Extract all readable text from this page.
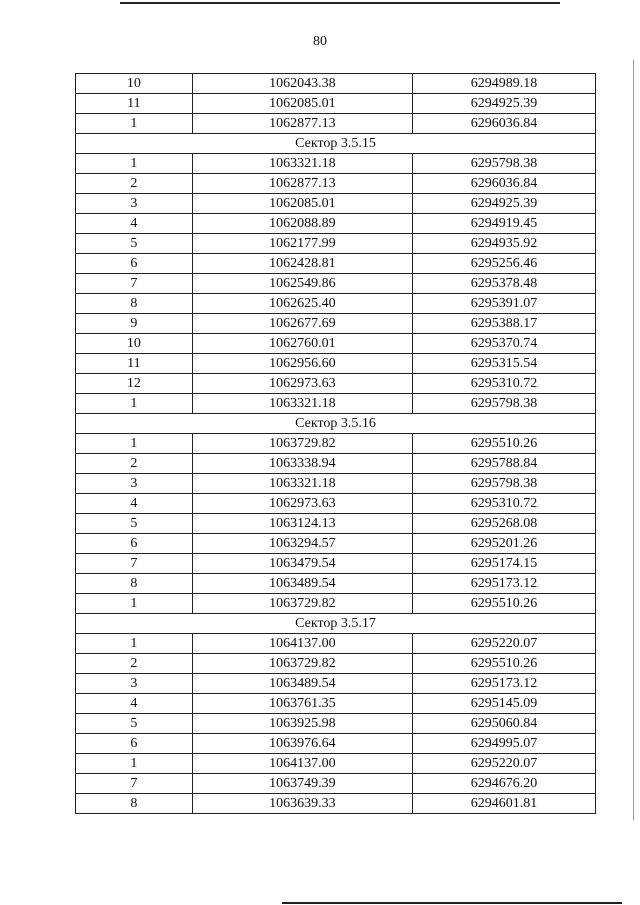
80
10	1062043.38	6294989.18
11	1062085.01	6294925.39
1	1062877.13	6296036.84
Сектор 3.5.15		
1	1063321.18	6295798.38
2	1062877.13	6296036.84
3	1062085.01	6294925.39
4	1062088.89	6294919.45
5	1062177.99	6294935.92
6	1062428.81	6295256.46
7	1062549.86	6295378.48
8	1062625.40	6295391.07
9	1062677.69	6295388.17
10	1062760.01	6295370.74
11	1062956.60	6295315.54
12	1062973.63	6295310.72
1	1063321.18	6295798.38
Сектор 3.5.16		
1	1063729.82	6295510.26
2	1063338.94	6295788.84
3	1063321.18	6295798.38
4	1062973.63	6295310.72
5	1063124.13	6295268.08
6	1063294.57	6295201.26
7	1063479.54	6295174.15
8	1063489.54	6295173.12
1	1063729.82	6295510.26
Сектор 3.5.17		
1	1064137.00	6295220.07
2	1063729.82	6295510.26
3	1063489.54	6295173.12
4	1063761.35	6295145.09
5	1063925.98	6295060.84
6	1063976.64	6294995.07
1	1064137.00	6295220.07
7	1063749.39	6294676.20
8	1063639.33	6294601.81
